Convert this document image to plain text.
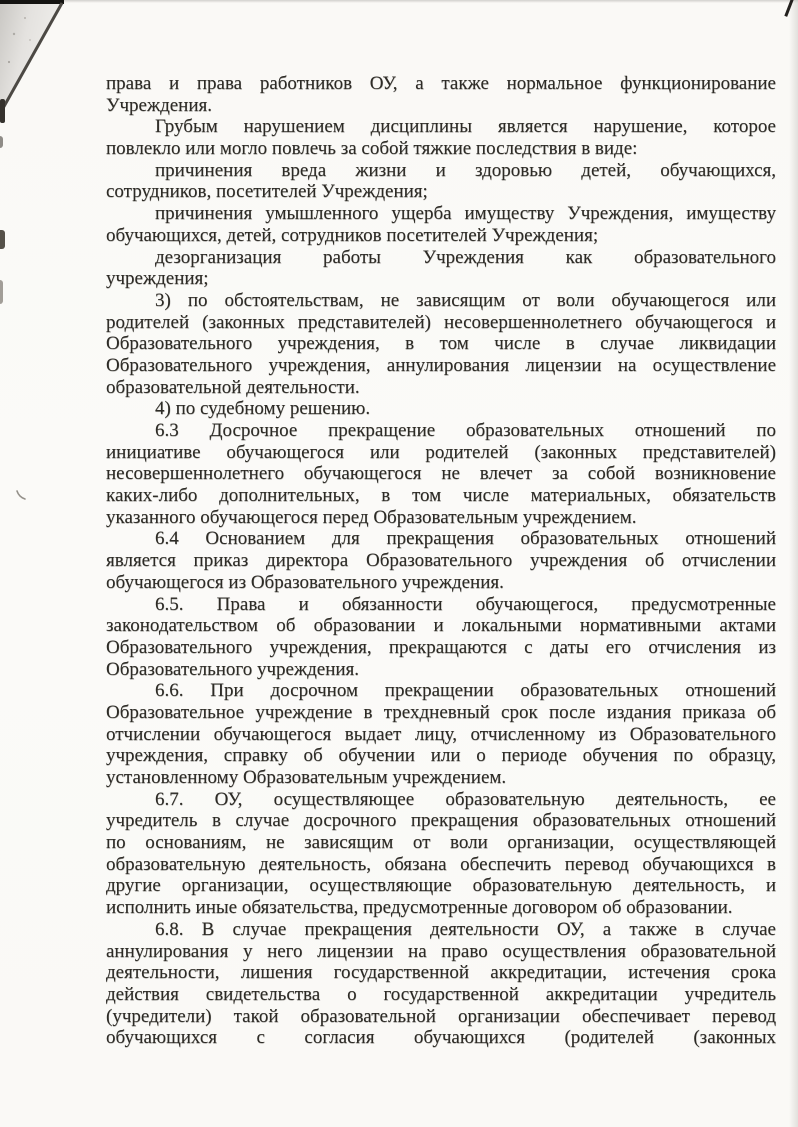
права и права работников ОУ, а также нормальное функционирование
Учреждения.
Грубым нарушением дисциплины является нарушение, которое
повлекло или могло повлечь за собой тяжкие последствия в виде:
причинения вреда жизни и здоровью детей, обучающихся,
сотрудников, посетителей Учреждения;
причинения умышленного ущерба имуществу Учреждения, имуществу
обучающихся, детей, сотрудников посетителей Учреждения;
дезорганизация работы Учреждения как образовательного
учреждения;
3) по обстоятельствам, не зависящим от воли обучающегося или
родителей (законных представителей) несовершеннолетнего обучающегося и
Образовательного учреждения, в том числе в случае ликвидации
Образовательного учреждения, аннулирования лицензии на осуществление
образовательной деятельности.
4) по судебному решению.
6.3 Досрочное прекращение образовательных отношений по
инициативе обучающегося или родителей (законных представителей)
несовершеннолетнего обучающегося не влечет за собой возникновение
каких-либо дополнительных, в том числе материальных, обязательств
указанного обучающегося перед Образовательным учреждением.
6.4 Основанием для прекращения образовательных отношений
является приказ директора Образовательного учреждения об отчислении
обучающегося из Образовательного учреждения.
6.5. Права и обязанности обучающегося, предусмотренные
законодательством об образовании и локальными нормативными актами
Образовательного учреждения, прекращаются с даты его отчисления из
Образовательного учреждения.
6.6. При досрочном прекращении образовательных отношений
Образовательное учреждение в трехдневный срок после издания приказа об
отчислении обучающегося выдает лицу, отчисленному из Образовательного
учреждения, справку об обучении или о периоде обучения по образцу,
установленному Образовательным учреждением.
6.7. ОУ, осуществляющее образовательную деятельность, ее
учредитель в случае досрочного прекращения образовательных отношений
по основаниям, не зависящим от воли организации, осуществляющей
образовательную деятельность, обязана обеспечить перевод обучающихся в
другие организации, осуществляющие образовательную деятельность, и
исполнить иные обязательства, предусмотренные договором об образовании.
6.8. В случае прекращения деятельности ОУ, а также в случае
аннулирования у него лицензии на право осуществления образовательной
деятельности, лишения государственной аккредитации, истечения срока
действия свидетельства о государственной аккредитации учредитель
(учредители) такой образовательной организации обеспечивает перевод
обучающихся с согласия обучающихся (родителей (законных
